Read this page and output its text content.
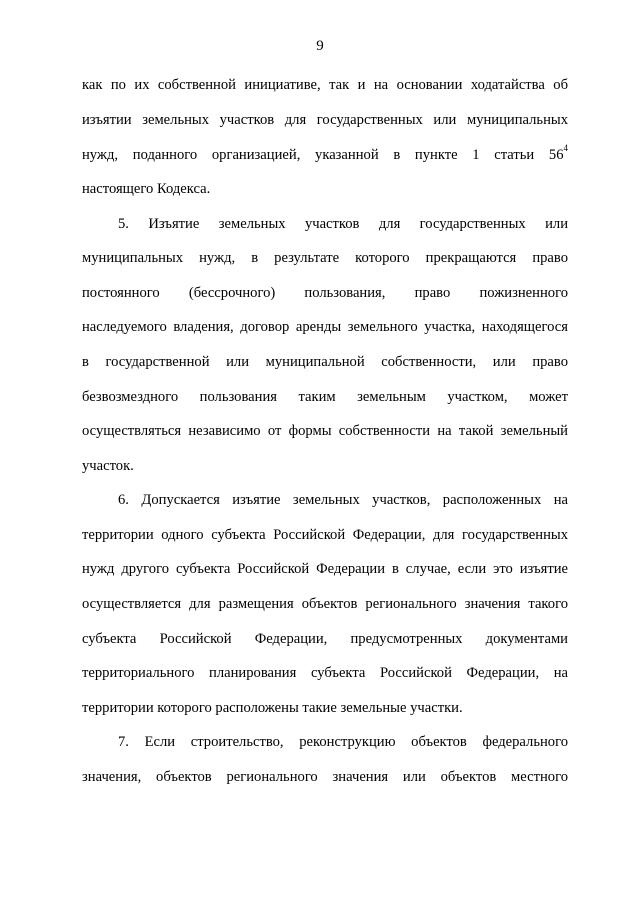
9
как по их собственной инициативе, так и на основании ходатайства об
изъятии земельных участков для государственных или муниципальных
нужд, поданного организацией, указанной в пункте 1 статьи $56^4$
настоящего Кодекса.
5. Изъятие земельных участков для государственных или
муниципальных нужд, в результате которого прекращаются право
постоянного (бессрочного) пользования, право пожизненного
наследуемого владения, договор аренды земельного участка, находящегося
в государственной или муниципальной собственности, или право
безвозмездного пользования таким земельным участком, может
осуществляться независимо от формы собственности на такой земельный
участок.
6. Допускается изъятие земельных участков, расположенных на
территории одного субъекта Российской Федерации, для государственных
нужд другого субъекта Российской Федерации в случае, если это изъятие
осуществляется для размещения объектов регионального значения такого
субъекта Российской Федерации, предусмотренных документами
территориального планирования субъекта Российской Федерации, на
территории которого расположены такие земельные участки.
7. Если строительство, реконструкцию объектов федерального
значения, объектов регионального значения или объектов местного
